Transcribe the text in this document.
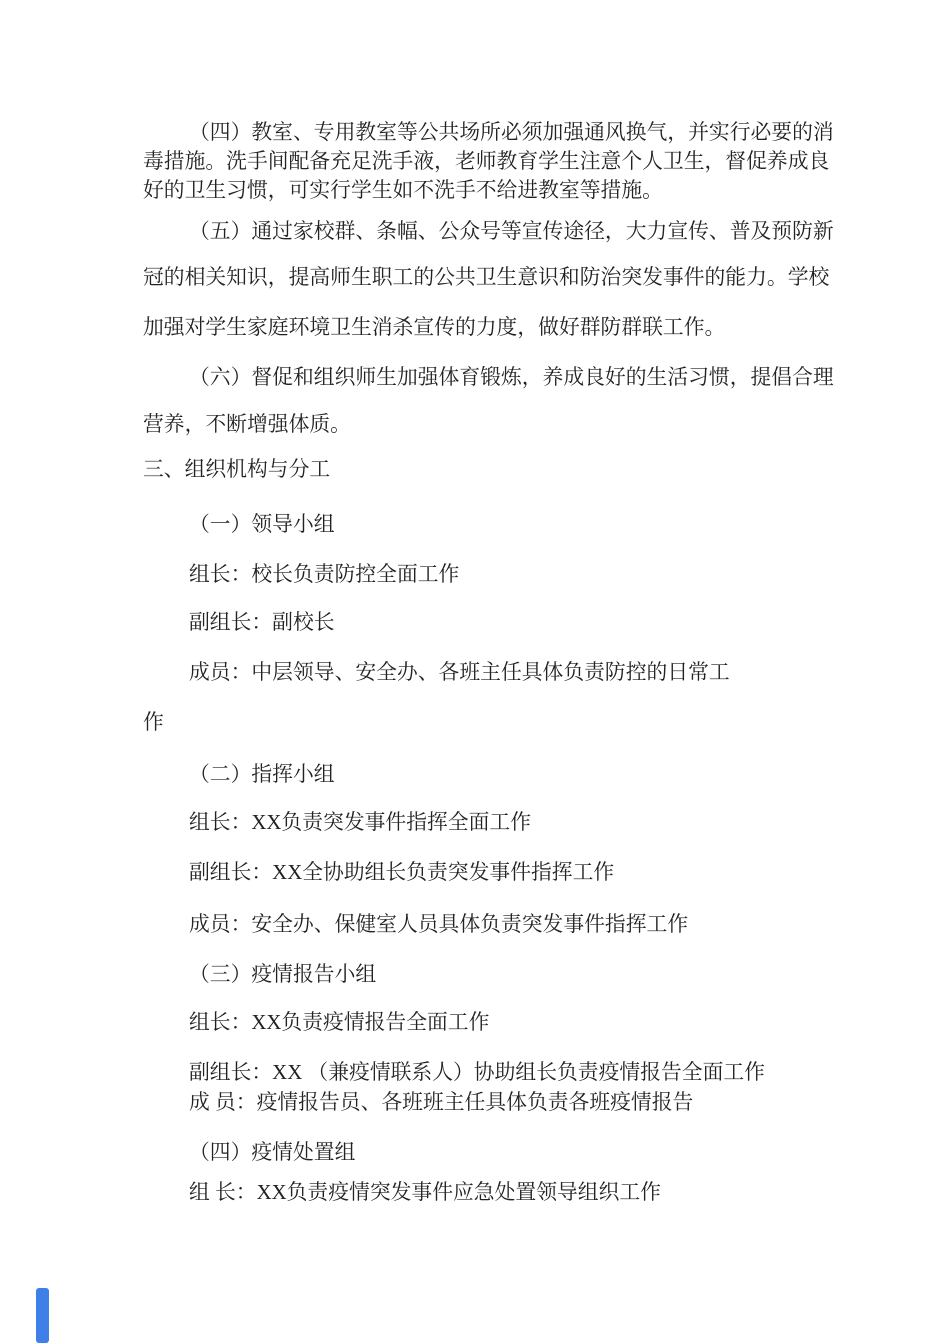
（四）教室、专用教室等公共场所必须加强通风换气，并实行必要的消
毒措施。洗手间配备充足洗手液，老师教育学生注意个人卫生，督促养成良
好的卫生习惯，可实行学生如不洗手不给进教室等措施。
（五）通过家校群、条幅、公众号等宣传途径，大力宣传、普及预防新
冠的相关知识，提高师生职工的公共卫生意识和防治突发事件的能力。学校
加强对学生家庭环境卫生消杀宣传的力度，做好群防群联工作。
（六）督促和组织师生加强体育锻炼，养成良好的生活习惯，提倡合理
营养，不断增强体质。
三、组织机构与分工
（一）领导小组
组长：校长负责防控全面工作
副组长：副校长
成员：中层领导、安全办、各班主任具体负责防控的日常工
作
（二）指挥小组
组长：XX负责突发事件指挥全面工作
副组长：XX全协助组长负责突发事件指挥工作
成员：安全办、保健室人员具体负责突发事件指挥工作
（三）疫情报告小组
组长：XX负责疫情报告全面工作
副组长：XX （兼疫情联系人）协助组长负责疫情报告全面工作
成 员：疫情报告员、各班班主任具体负责各班疫情报告
（四）疫情处置组
组 长：XX负责疫情突发事件应急处置领导组织工作
